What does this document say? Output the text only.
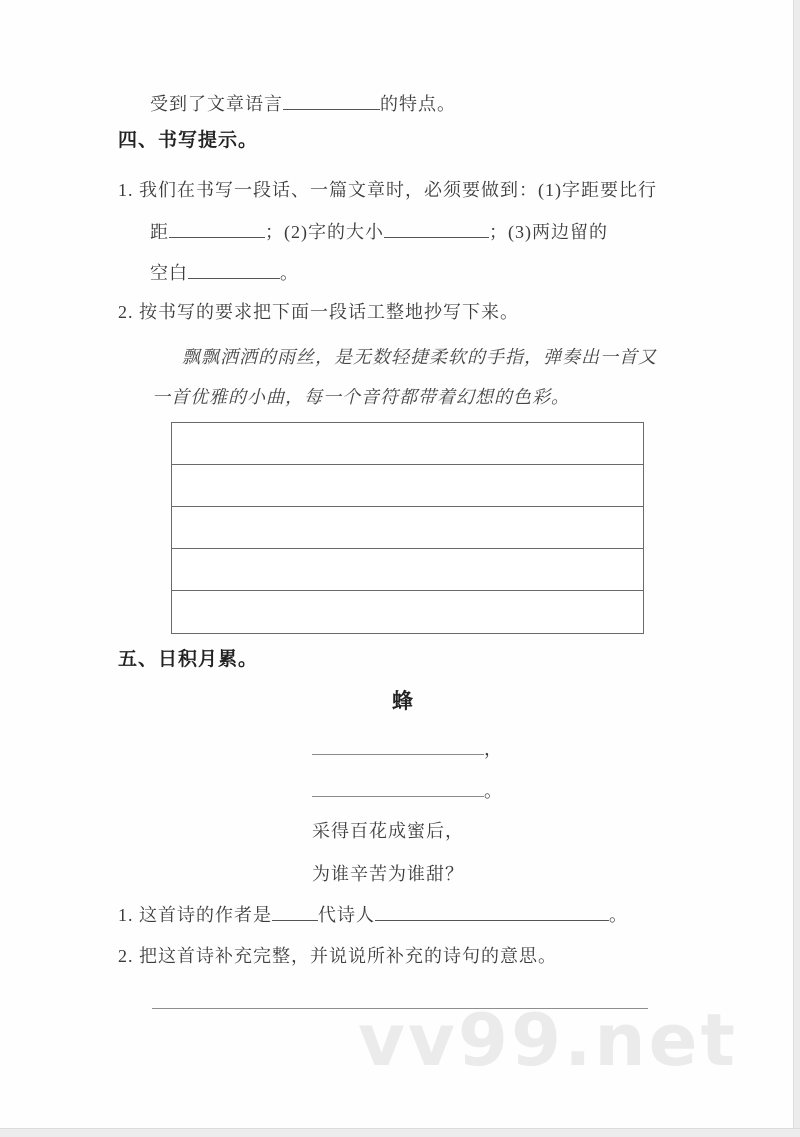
受到了文章语言	的特点。
四、书写提示。
1. 我们在书写一段话、一篇文章时，必须要做到：(1)字距要比行
距	；(2)字的大小	；(3)两边留的
空白	。
2. 按书写的要求把下面一段话工整地抄写下来。
飘飘洒洒的雨丝，是无数轻捷柔软的手指，弹奏出一首又
一首优雅的小曲，每一个音符都带着幻想的色彩。
五、日积月累。
蜂
，
。
采得百花成蜜后，
为谁辛苦为谁甜？
1. 这首诗的作者是	代诗人	。
2. 把这首诗补充完整，并说说所补充的诗句的意思。
vv99.net
